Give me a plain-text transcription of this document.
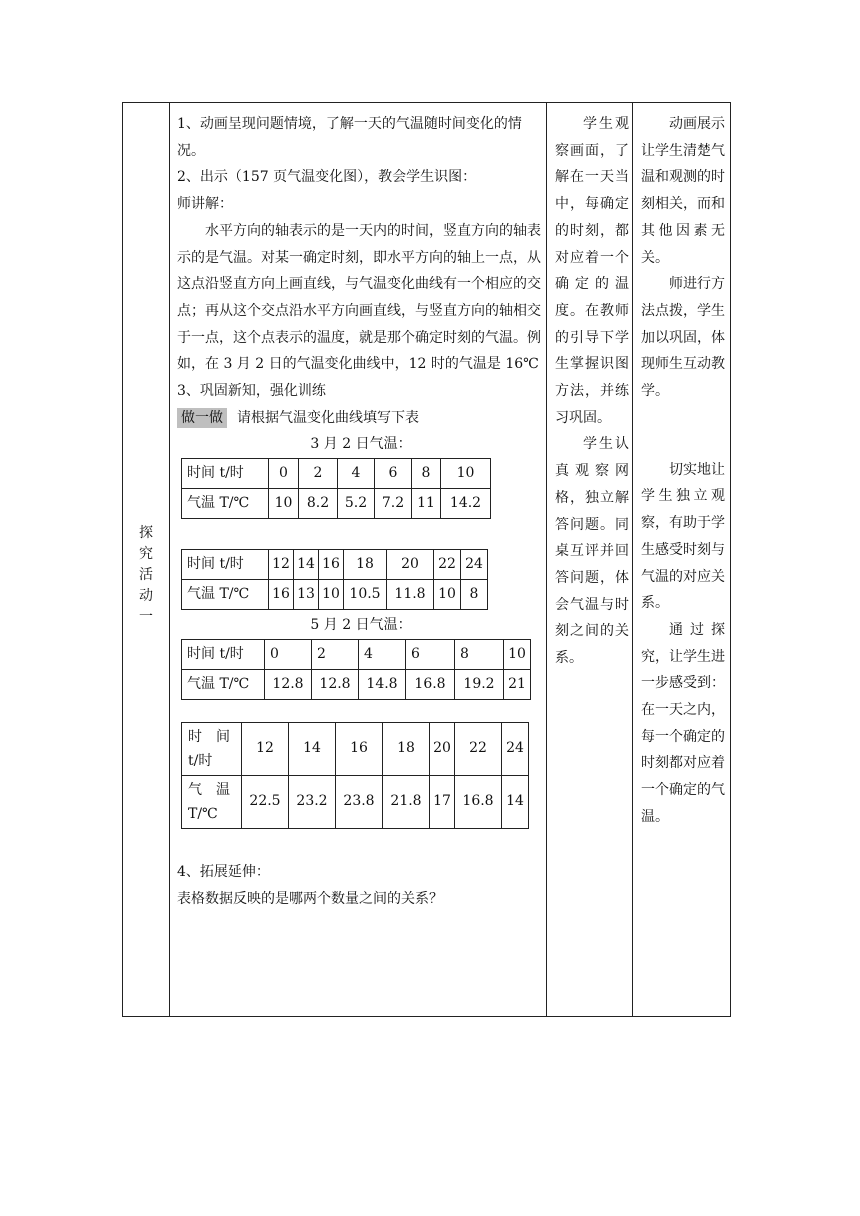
探
究
活
动
一

1、动画呈现问题情境，了解一天的气温随时间变化的情况。

2、出示（157 页气温变化图），教会学生识图：

师讲解：

水平方向的轴表示的是一天内的时间，竖直方向的轴表示的是气温。对某一确定时刻，即水平方向的轴上一点，从这点沿竖直方向上画直线，与气温变化曲线有一个相应的交点；再从这个交点沿水平方向画直线，与竖直方向的轴相交于一点，这个点表示的温度，就是那个确定时刻的气温。例如，在 3 月 2 日的气温变化曲线中，12 时的气温是 16℃

3、巩固新知，强化训练

做一做 请根据气温变化曲线填写下表

3 月 2 日气温：

时间 t/时	0	2	4	6	8	10
气温 T/℃	10	8.2	5.2	7.2	11	14.2
时间 t/时	12	14	16	18	20	22	24
气温 T/℃	16	13	10	10.5	11.8	10	8

5 月 2 日气温：

时间 t/时	0	2	4	6	8	10
气温 T/℃	12.8	12.8	14.8	16.8	19.2	21
时　间
t/时	12	14	16	18	20	22	24
气　温
T/℃	22.5	23.2	23.8	21.8	17	16.8	14

4、拓展延伸：

表格数据反映的是哪两个数量之间的关系？

学生观察画面，了解在一天当中，每确定的时刻，都对应着一个确定的温度。在教师的引导下学生掌握识图方法，并练习巩固。

学生认真观察网格，独立解答问题。同桌互评并回答问题，体会气温与时刻之间的关系。

动画展示让学生清楚气温和观测的时刻相关，而和其他因素无关。

师进行方法点拨，学生加以巩固，体现师生互动教学。

切实地让学生独立观察，有助于学生感受时刻与气温的对应关系。

通过探究，让学生进一步感受到：在一天之内，每一个确定的时刻都对应着一个确定的气温。
